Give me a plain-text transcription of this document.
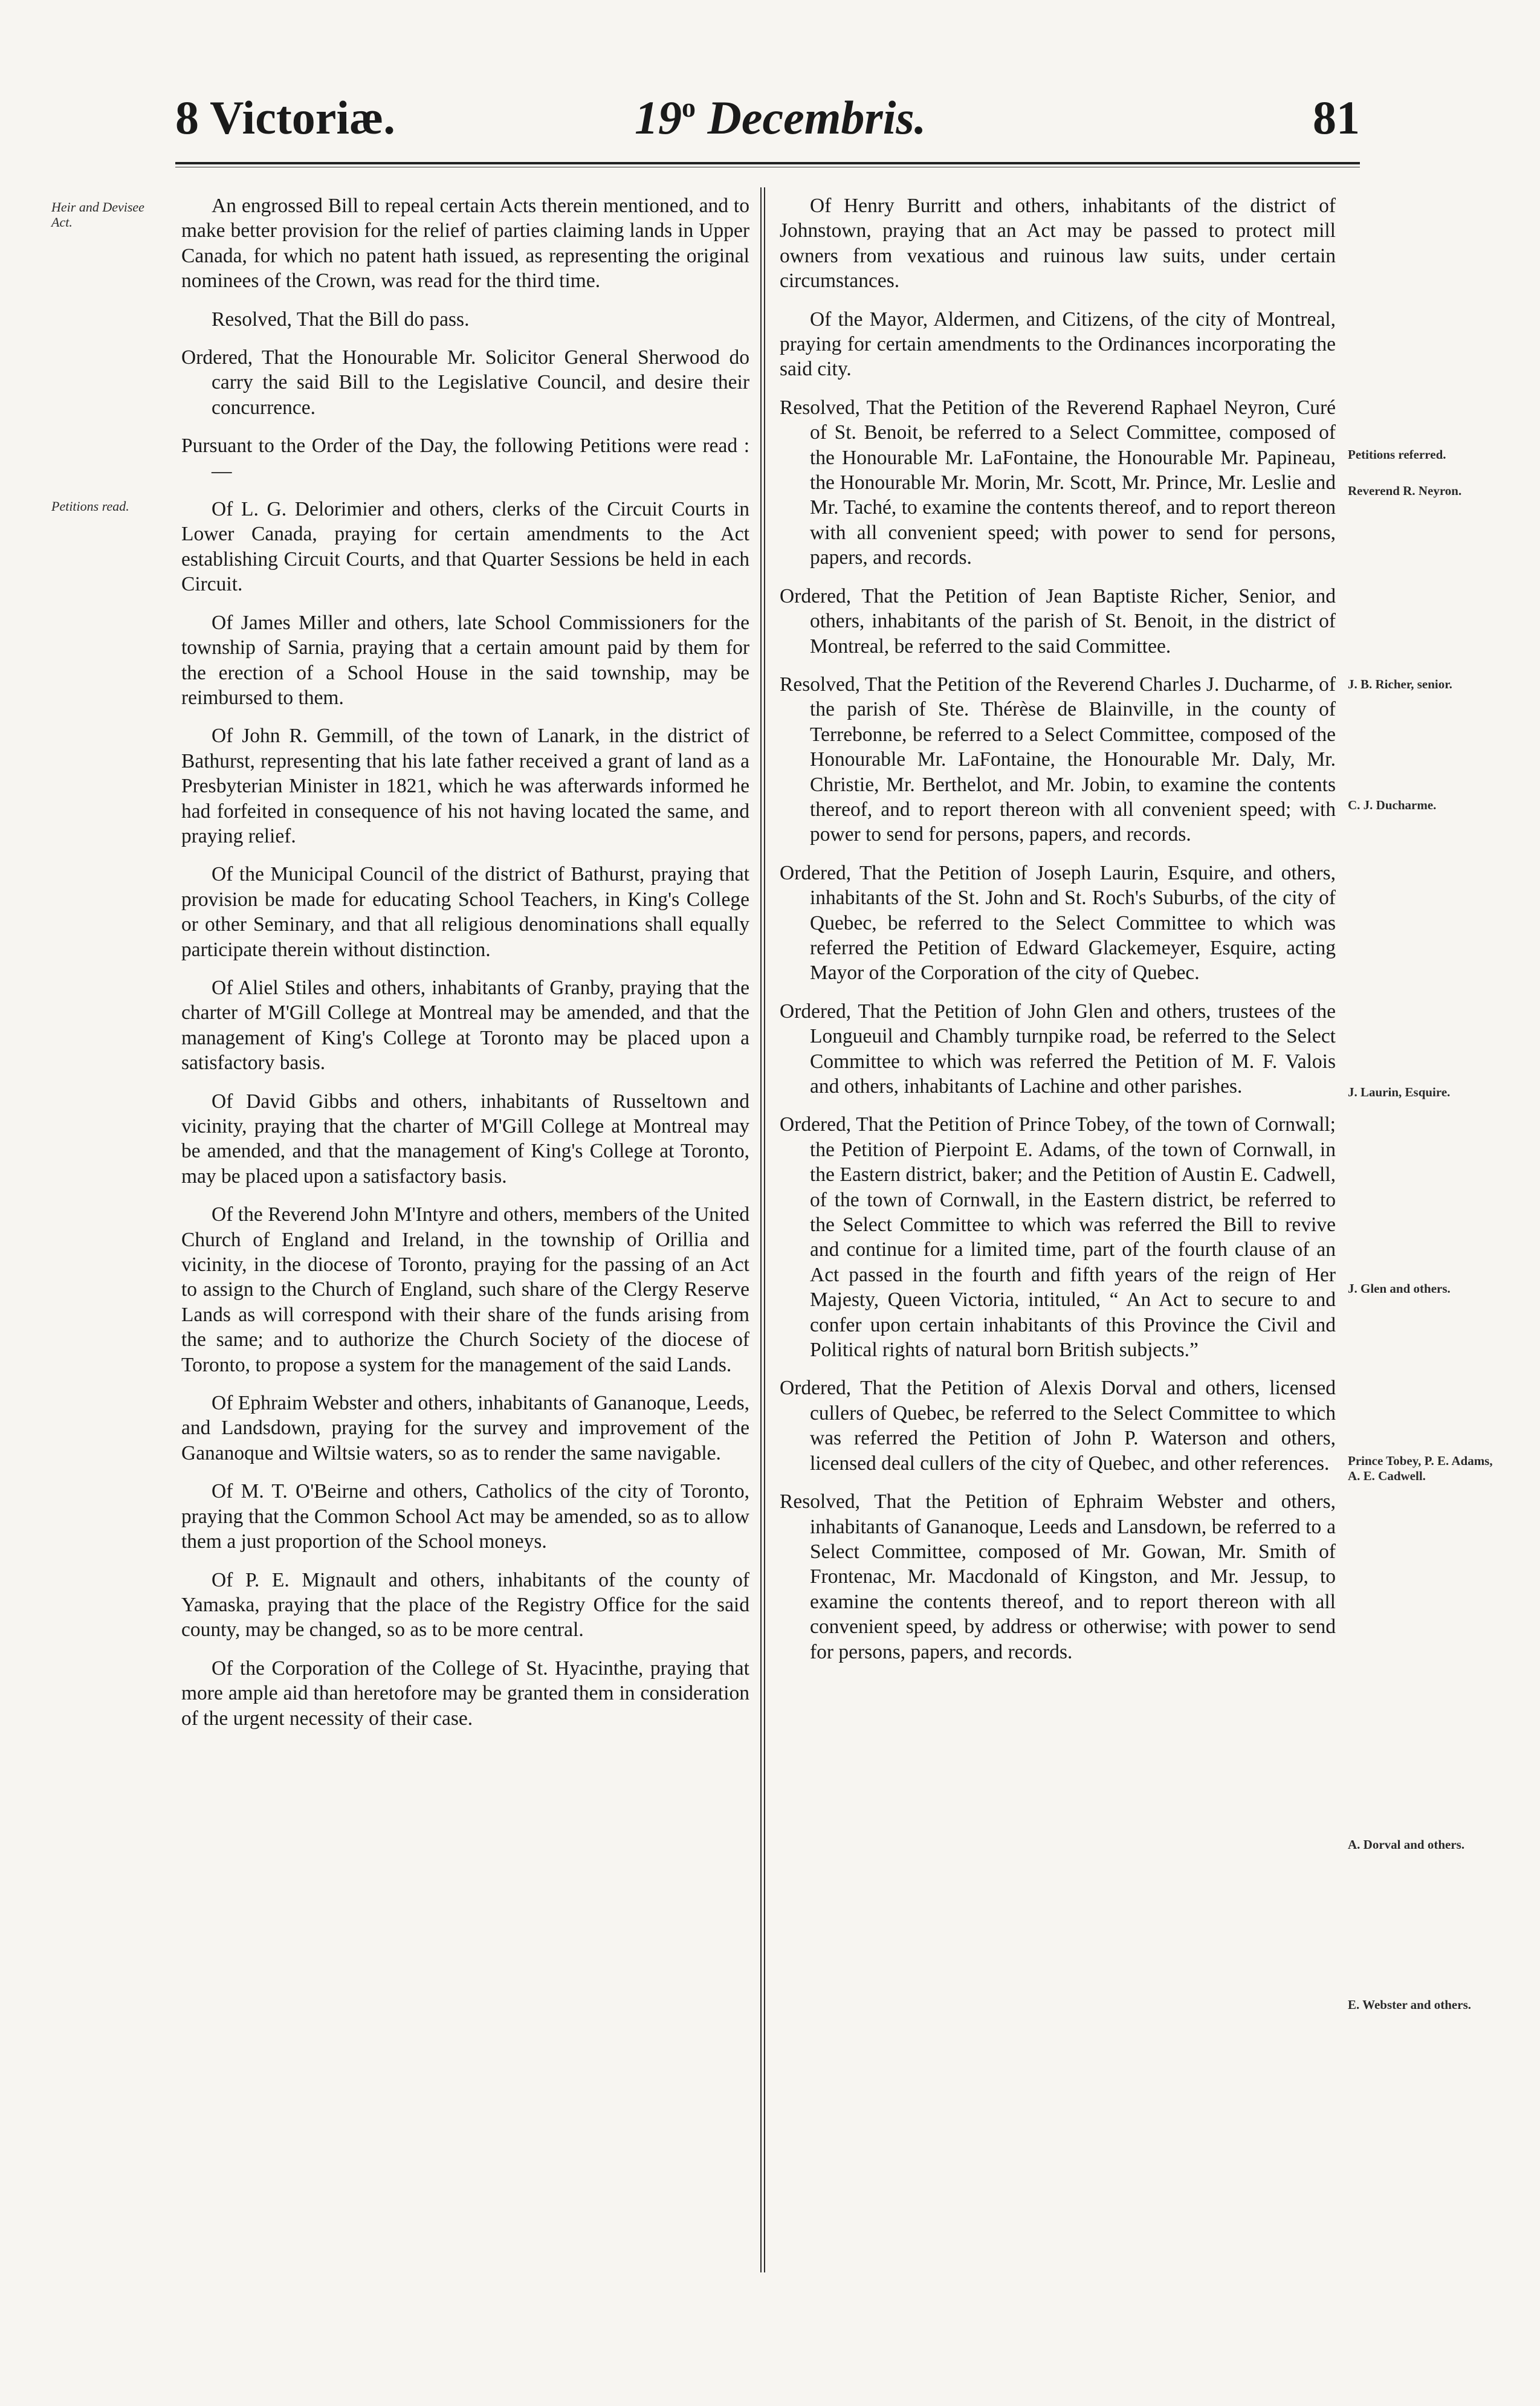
8 Victoriæ.	19$^o$ Decembris.	81
Heir and Devisee Act.
Petitions read.
Petitions referred.
Reverend R. Neyron.
J. B. Richer, senior.
C. J. Ducharme.
J. Laurin, Esquire.
J. Glen and others.
Prince Tobey, P. E. Adams, A. E. Cadwell.
A. Dorval and others.
E. Webster and others.

An engrossed Bill to repeal certain Acts therein mentioned, and to make better provision for the relief of parties claiming lands in Upper Canada, for which no patent hath issued, as representing the original nominees of the Crown, was read for the third time.

Resolved, That the Bill do pass.

Ordered, That the Honourable Mr. Solicitor General Sherwood do carry the said Bill to the Legislative Council, and desire their concurrence.

Pursuant to the Order of the Day, the following Petitions were read :—

Of L. G. Delorimier and others, clerks of the Circuit Courts in Lower Canada, praying for certain amendments to the Act establishing Circuit Courts, and that Quarter Sessions be held in each Circuit.

Of James Miller and others, late School Commissioners for the township of Sarnia, praying that a certain amount paid by them for the erection of a School House in the said township, may be reimbursed to them.

Of John R. Gemmill, of the town of Lanark, in the district of Bathurst, representing that his late father received a grant of land as a Presbyterian Minister in 1821, which he was afterwards informed he had forfeited in consequence of his not having located the same, and praying relief.

Of the Municipal Council of the district of Bathurst, praying that provision be made for educating School Teachers, in King's College or other Seminary, and that all religious denominations shall equally participate therein without distinction.

Of Aliel Stiles and others, inhabitants of Granby, praying that the charter of M'Gill College at Montreal may be amended, and that the management of King's College at Toronto may be placed upon a satisfactory basis.

Of David Gibbs and others, inhabitants of Russeltown and vicinity, praying that the charter of M'Gill College at Montreal may be amended, and that the management of King's College at Toronto, may be placed upon a satisfactory basis.

Of the Reverend John M'Intyre and others, members of the United Church of England and Ireland, in the township of Orillia and vicinity, in the diocese of Toronto, praying for the passing of an Act to assign to the Church of England, such share of the Clergy Reserve Lands as will correspond with their share of the funds arising from the same; and to authorize the Church Society of the diocese of Toronto, to propose a system for the management of the said Lands.

Of Ephraim Webster and others, inhabitants of Gananoque, Leeds, and Landsdown, praying for the survey and improvement of the Gananoque and Wiltsie waters, so as to render the same navigable.

Of M. T. O'Beirne and others, Catholics of the city of Toronto, praying that the Common School Act may be amended, so as to allow them a just proportion of the School moneys.

Of P. E. Mignault and others, inhabitants of the county of Yamaska, praying that the place of the Registry Office for the said county, may be changed, so as to be more central.

Of the Corporation of the College of St. Hyacinthe, praying that more ample aid than heretofore may be granted them in consideration of the urgent necessity of their case.

Of Henry Burritt and others, inhabitants of the district of Johnstown, praying that an Act may be passed to protect mill owners from vexatious and ruinous law suits, under certain circumstances.

Of the Mayor, Aldermen, and Citizens, of the city of Montreal, praying for certain amendments to the Ordinances incorporating the said city.

Resolved, That the Petition of the Reverend Raphael Neyron, Curé of St. Benoit, be referred to a Select Committee, composed of the Honourable Mr. LaFontaine, the Honourable Mr. Papineau, the Honourable Mr. Morin, Mr. Scott, Mr. Prince, Mr. Leslie and Mr. Taché, to examine the contents thereof, and to report thereon with all convenient speed; with power to send for persons, papers, and records.

Ordered, That the Petition of Jean Baptiste Richer, Senior, and others, inhabitants of the parish of St. Benoit, in the district of Montreal, be referred to the said Committee.

Resolved, That the Petition of the Reverend Charles J. Ducharme, of the parish of Ste. Thérèse de Blainville, in the county of Terrebonne, be referred to a Select Committee, composed of the Honourable Mr. LaFontaine, the Honourable Mr. Daly, Mr. Christie, Mr. Berthelot, and Mr. Jobin, to examine the contents thereof, and to report thereon with all convenient speed; with power to send for persons, papers, and records.

Ordered, That the Petition of Joseph Laurin, Esquire, and others, inhabitants of the St. John and St. Roch's Suburbs, of the city of Quebec, be referred to the Select Committee to which was referred the Petition of Edward Glackemeyer, Esquire, acting Mayor of the Corporation of the city of Quebec.

Ordered, That the Petition of John Glen and others, trustees of the Longueuil and Chambly turnpike road, be referred to the Select Committee to which was referred the Petition of M. F. Valois and others, inhabitants of Lachine and other parishes.

Ordered, That the Petition of Prince Tobey, of the town of Cornwall; the Petition of Pierpoint E. Adams, of the town of Cornwall, in the Eastern district, baker; and the Petition of Austin E. Cadwell, of the town of Cornwall, in the Eastern district, be referred to the Select Committee to which was referred the Bill to revive and continue for a limited time, part of the fourth clause of an Act passed in the fourth and fifth years of the reign of Her Majesty, Queen Victoria, intituled, “ An Act to secure to and confer upon certain inhabitants of this Province the Civil and Political rights of natural born British subjects.”

Ordered, That the Petition of Alexis Dorval and others, licensed cullers of Quebec, be referred to the Select Committee to which was referred the Petition of John P. Waterson and others, licensed deal cullers of the city of Quebec, and other references.

Resolved, That the Petition of Ephraim Webster and others, inhabitants of Gananoque, Leeds and Lansdown, be referred to a Select Committee, composed of Mr. Gowan, Mr. Smith of Frontenac, Mr. Macdonald of Kingston, and Mr. Jessup, to examine the contents thereof, and to report thereon with all convenient speed, by address or otherwise; with power to send for persons, papers, and records.
